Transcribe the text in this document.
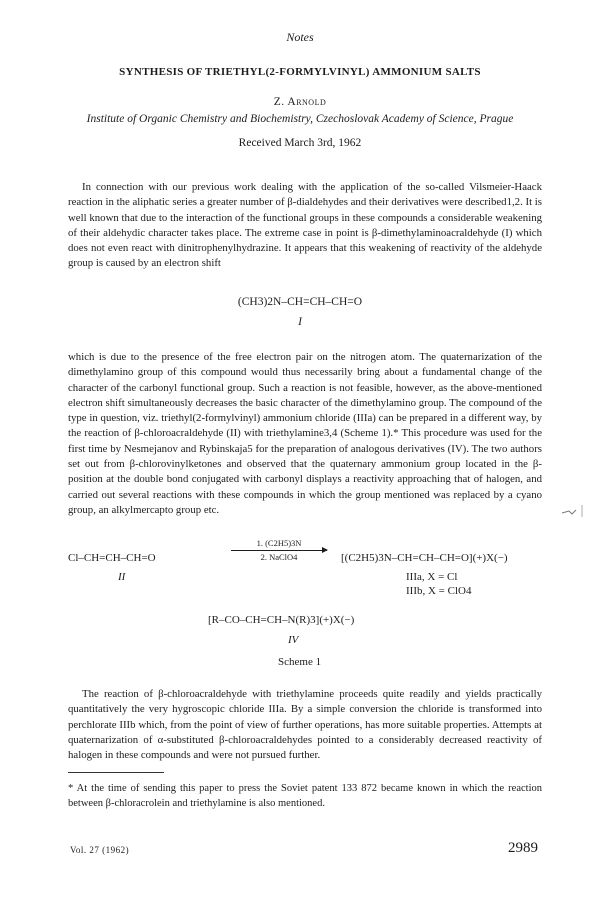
Notes
SYNTHESIS OF TRIETHYL(2-FORMYLVINYL) AMMONIUM SALTS
Z. Arnold
Institute of Organic Chemistry and Biochemistry, Czechoslovak Academy of Science, Prague
Received March 3rd, 1962

In connection with our previous work dealing with the application of the so-called Vilsmeier-Haack reaction in the aliphatic series a greater number of β-dialdehydes and their derivatives were described1,2. It is well known that due to the interaction of the functional groups in these compounds a considerable weakening of their aldehydic character takes place. The extreme case in point is β-dimethylaminoacraldehyde (I) which does not even react with dinitrophenylhydrazine. It appears that this weakening of reactivity of the aldehyde group is caused by an electron shift

(CH3)2N–CH=CH–CH=O
I

which is due to the presence of the free electron pair on the nitrogen atom. The quaternarization of the dimethylamino group of this compound would thus necessarily bring about a fundamental change of the character of the carbonyl functional group. Such a reaction is not feasible, however, as the above-mentioned electron shift simultaneously decreases the basic character of the dimethylamino group. The compound of the type in question, viz. triethyl(2-formylvinyl) ammonium chloride (IIIa) can be prepared in a different way, by the reaction of β-chloroacraldehyde (II) with triethylamine3,4 (Scheme 1).* This procedure was used for the first time by Nesmejanov and Rybinskaja5 for the preparation of analogous derivatives (IV). The two authors set out from β-chlorovinylketones and observed that the quaternary ammonium group located in the β-position at the double bond conjugated with carbonyl displays a reactivity approaching that of halogen, and carried out several reactions with these compounds in which the group mentioned was replaced by a cyano group, an alkylmercapto group etc.

Cl–CH=CH–CH=O
II
1. (C2H5)3N
2. NaClO4	[(C2H5)3N–CH=CH–CH=O](+)X(−)
IIIa, X = Cl
IIIb, X = ClO4
[R–CO–CH=CH–N(R)3](+)X(−)
IV
Scheme 1

The reaction of β-chloroacraldehyde with triethylamine proceeds quite readily and yields practically quantitatively the very hygroscopic chloride IIIa. By a simple conversion the chloride is transformed into perchlorate IIIb which, from the point of view of further operations, has more suitable properties. Attempts at quaternarization of α-substituted β-chloroacraldehydes pointed to a considerably decreased reactivity of halogen in these compounds and were not pursued further.

* At the time of sending this paper to press the Soviet patent 133 872 became known in which the reaction between β-chloracrolein and triethylamine is also mentioned.

Vol. 27 (1962)	2989
